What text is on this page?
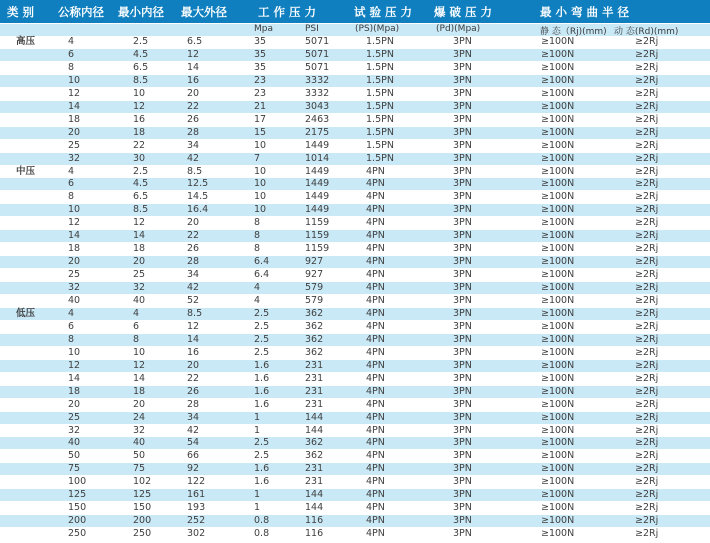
类 别 公称内径 最小内径 最大外径	工 作 压 力	试 验 压 力 爆 破 压 力	最 小 弯 曲 半 径
Mpa	PSI	(PS)(Mpa)	(Pd)(Mpa)	静 态（Rj)(mm) 动 态(Rd)(mm)
高压	4	2.5	6.5	35	5071	1.5PN	3PN	≥100N	≥2Rj
6	4.5	12	35	5071	1.5PN	3PN	≥100N	≥2Rj
8	6.5	14	35	5071	1.5PN	3PN	≥100N	≥2Rj
10	8.5	16	23	3332	1.5PN	3PN	≥100N	≥2Rj
12	10	20	23	3332	1.5PN	3PN	≥100N	≥2Rj
14	12	22	21	3043	1.5PN	3PN	≥100N	≥2Rj
18	16	26	17	2463	1.5PN	3PN	≥100N	≥2Rj
20	18	28	15	2175	1.5PN	3PN	≥100N	≥2Rj
25	22	34	10	1449	1.5PN	3PN	≥100N	≥2Rj
32	30	42	7	1014	1.5PN	3PN	≥100N	≥2Rj
中压	4	2.5	8.5	10	1449	4PN	3PN	≥100N	≥2Rj
6	4.5	12.5	10	1449	4PN	3PN	≥100N	≥2Rj
8	6.5	14.5	10	1449	4PN	3PN	≥100N	≥2Rj
10	8.5	16.4	10	1449	4PN	3PN	≥100N	≥2Rj
12	12	20	8	1159	4PN	3PN	≥100N	≥2Rj
14	14	22	8	1159	4PN	3PN	≥100N	≥2Rj
18	18	26	8	1159	4PN	3PN	≥100N	≥2Rj
20	20	28	6.4	927	4PN	3PN	≥100N	≥2Rj
25	25	34	6.4	927	4PN	3PN	≥100N	≥2Rj
32	32	42	4	579	4PN	3PN	≥100N	≥2Rj
40	40	52	4	579	4PN	3PN	≥100N	≥2Rj
低压	4	4	8.5	2.5	362	4PN	3PN	≥100N	≥2Rj
6	6	12	2.5	362	4PN	3PN	≥100N	≥2Rj
8	8	14	2.5	362	4PN	3PN	≥100N	≥2Rj
10	10	16	2.5	362	4PN	3PN	≥100N	≥2Rj
12	12	20	1.6	231	4PN	3PN	≥100N	≥2Rj
14	14	22	1.6	231	4PN	3PN	≥100N	≥2Rj
18	18	26	1.6	231	4PN	3PN	≥100N	≥2Rj
20	20	28	1.6	231	4PN	3PN	≥100N	≥2Rj
25	24	34	1	144	4PN	3PN	≥100N	≥2Rj
32	32	42	1	144	4PN	3PN	≥100N	≥2Rj
40	40	54	2.5	362	4PN	3PN	≥100N	≥2Rj
50	50	66	2.5	362	4PN	3PN	≥100N	≥2Rj
75	75	92	1.6	231	4PN	3PN	≥100N	≥2Rj
100	102	122	1.6	231	4PN	3PN	≥100N	≥2Rj
125	125	161	1	144	4PN	3PN	≥100N	≥2Rj
150	150	193	1	144	4PN	3PN	≥100N	≥2Rj
200	200	252	0.8	116	4PN	3PN	≥100N	≥2Rj
250	250	302	0.8	116	4PN	3PN	≥100N	≥2Rj
